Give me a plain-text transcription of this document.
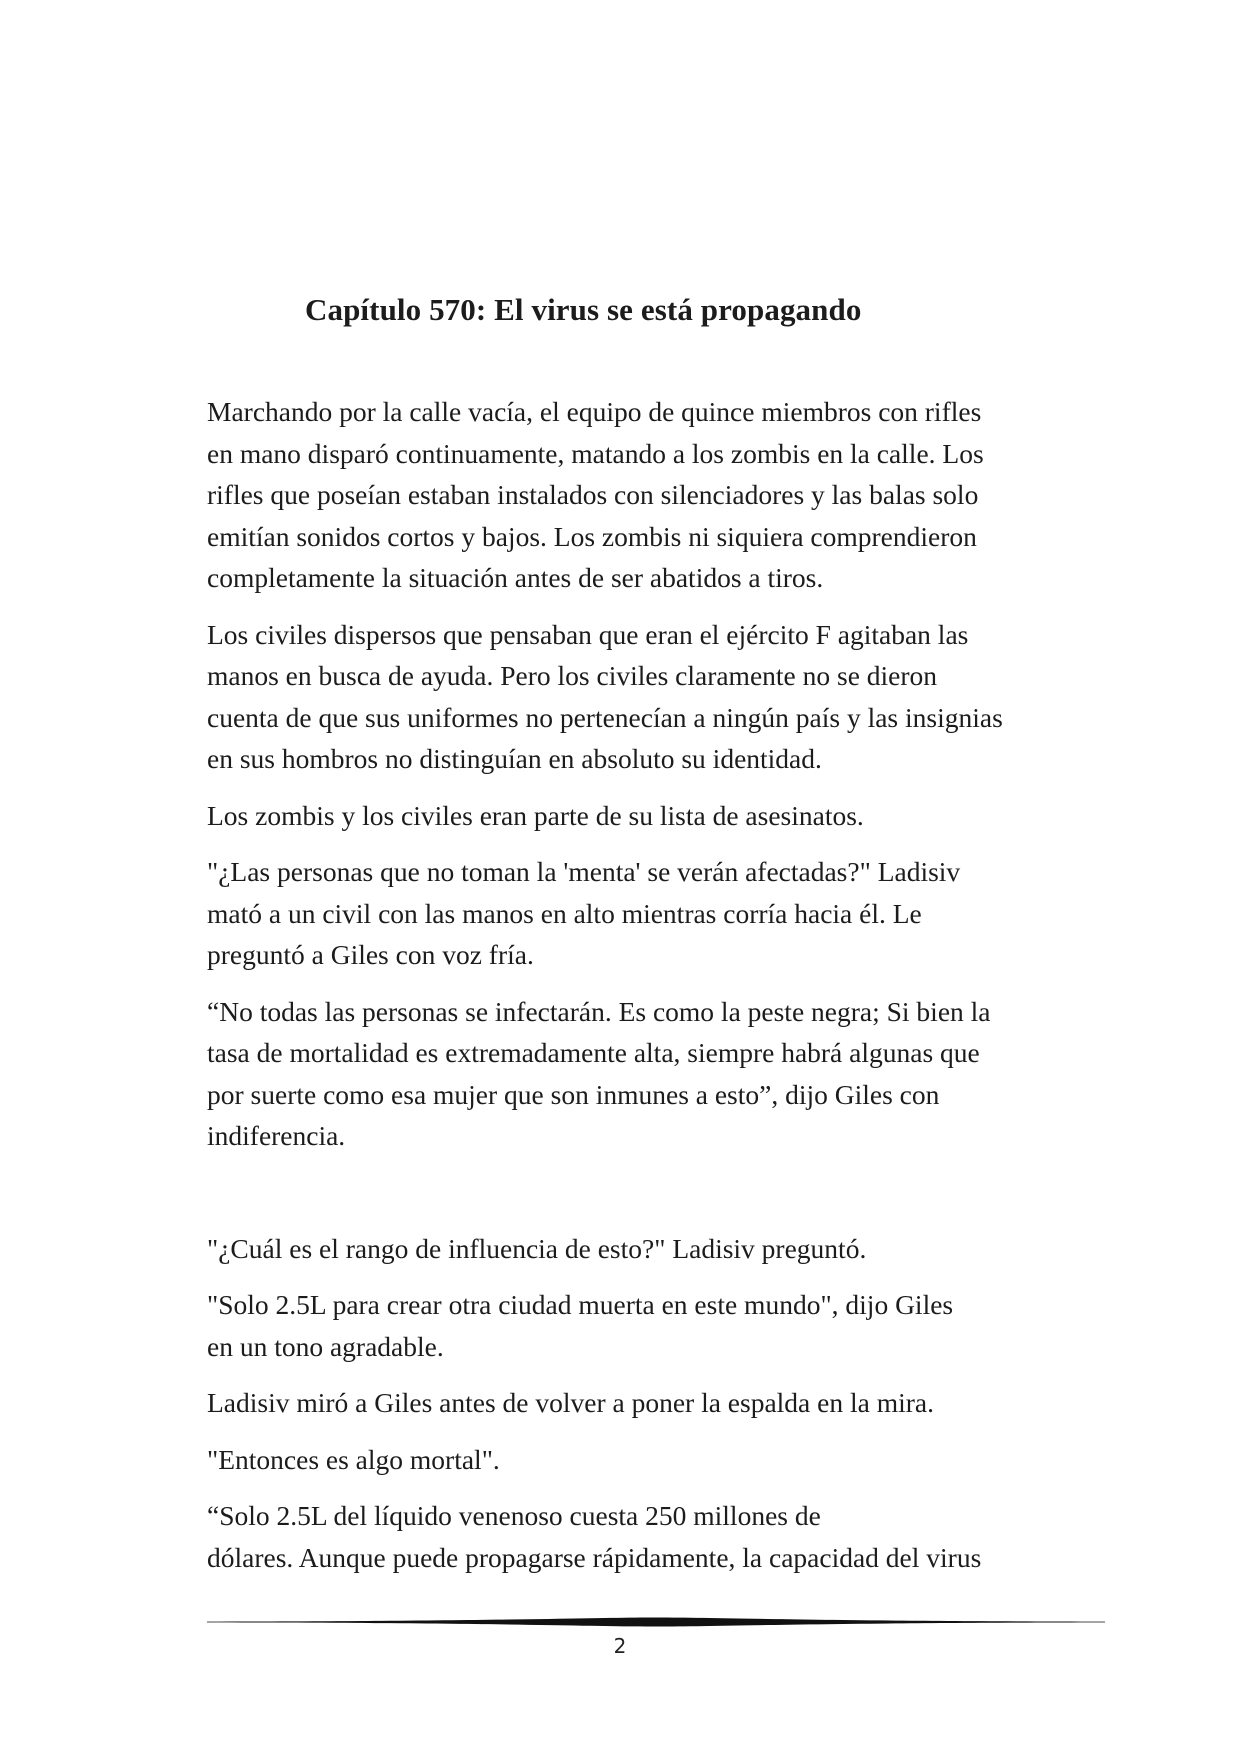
Capítulo 570: El virus se está propagando

Marchando por la calle vacía, el equipo de quince miembros con rifles
en mano disparó continuamente, matando a los zombis en la calle. Los
rifles que poseían estaban instalados con silenciadores y las balas solo
emitían sonidos cortos y bajos. Los zombis ni siquiera comprendieron
completamente la situación antes de ser abatidos a tiros.

Los civiles dispersos que pensaban que eran el ejército F agitaban las
manos en busca de ayuda. Pero los civiles claramente no se dieron
cuenta de que sus uniformes no pertenecían a ningún país y las insignias
en sus hombros no distinguían en absoluto su identidad.

Los zombis y los civiles eran parte de su lista de asesinatos.

"¿Las personas que no toman la 'menta' se verán afectadas?" Ladisiv
mató a un civil con las manos en alto mientras corría hacia él. Le
preguntó a Giles con voz fría.

“No todas las personas se infectarán. Es como la peste negra; Si bien la
tasa de mortalidad es extremadamente alta, siempre habrá algunas que
por suerte como esa mujer que son inmunes a esto”, dijo Giles con
indiferencia.

"¿Cuál es el rango de influencia de esto?" Ladisiv preguntó.

"Solo 2.5L para crear otra ciudad muerta en este mundo", dijo Giles
en un tono agradable.

Ladisiv miró a Giles antes de volver a poner la espalda en la mira.

"Entonces es algo mortal".

“Solo 2.5L del líquido venenoso cuesta 250 millones de
dólares. Aunque puede propagarse rápidamente, la capacidad del virus

2
